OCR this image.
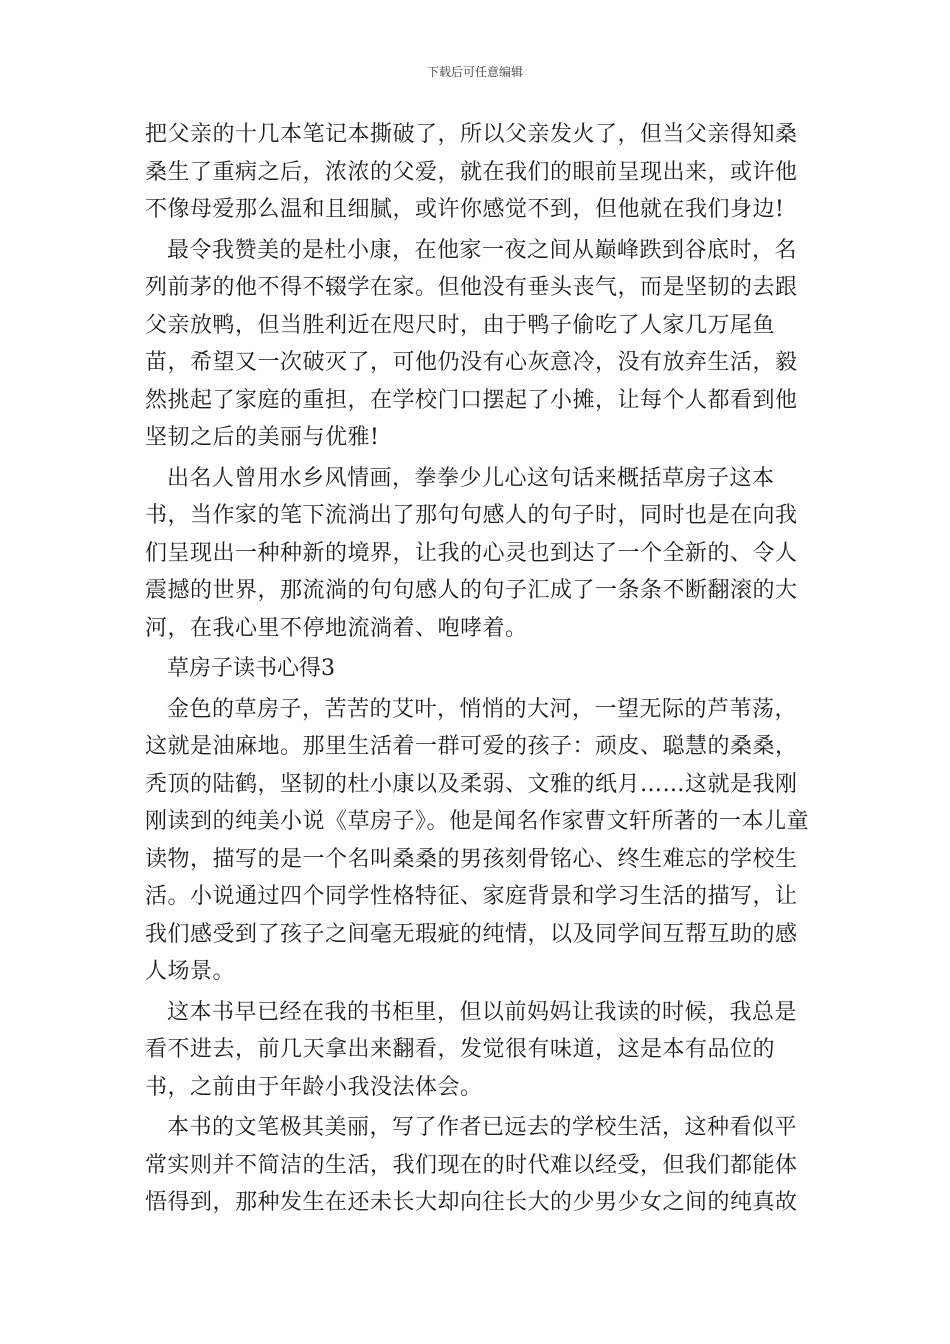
下载后可任意编辑

把父亲的十几本笔记本撕破了，所以父亲发火了，但当父亲得知桑桑生了重病之后，浓浓的父爱，就在我们的眼前呈现出来，或许他不像母爱那么温和且细腻，或许你感觉不到，但他就在我们身边!

最令我赞美的是杜小康，在他家一夜之间从巅峰跌到谷底时，名列前茅的他不得不辍学在家。但他没有垂头丧气，而是坚韧的去跟父亲放鸭，但当胜利近在咫尺时，由于鸭子偷吃了人家几万尾鱼苗，希望又一次破灭了，可他仍没有心灰意冷，没有放弃生活，毅然挑起了家庭的重担，在学校门口摆起了小摊，让每个人都看到他坚韧之后的美丽与优雅!

出名人曾用水乡风情画，拳拳少儿心这句话来概括草房子这本书，当作家的笔下流淌出了那句句感人的句子时，同时也是在向我们呈现出一种种新的境界，让我的心灵也到达了一个全新的、令人震撼的世界，那流淌的句句感人的句子汇成了一条条不断翻滚的大河，在我心里不停地流淌着、咆哮着。

草房子读书心得3

金色的草房子，苦苦的艾叶，悄悄的大河，一望无际的芦苇荡，这就是油麻地。那里生活着一群可爱的孩子：顽皮、聪慧的桑桑，秃顶的陆鹤，坚韧的杜小康以及柔弱、文雅的纸月……这就是我刚刚读到的纯美小说《草房子》。他是闻名作家曹文轩所著的一本儿童读物，描写的是一个名叫桑桑的男孩刻骨铭心、终生难忘的学校生活。小说通过四个同学性格特征、家庭背景和学习生活的描写，让我们感受到了孩子之间毫无瑕疵的纯情，以及同学间互帮互助的感人场景。

这本书早已经在我的书柜里，但以前妈妈让我读的时候，我总是看不进去，前几天拿出来翻看，发觉很有味道，这是本有品位的书，之前由于年龄小我没法体会。

本书的文笔极其美丽，写了作者已远去的学校生活，这种看似平常实则并不简洁的生活，我们现在的时代难以经受，但我们都能体悟得到，那种发生在还未长大却向往长大的少男少女之间的纯真故
